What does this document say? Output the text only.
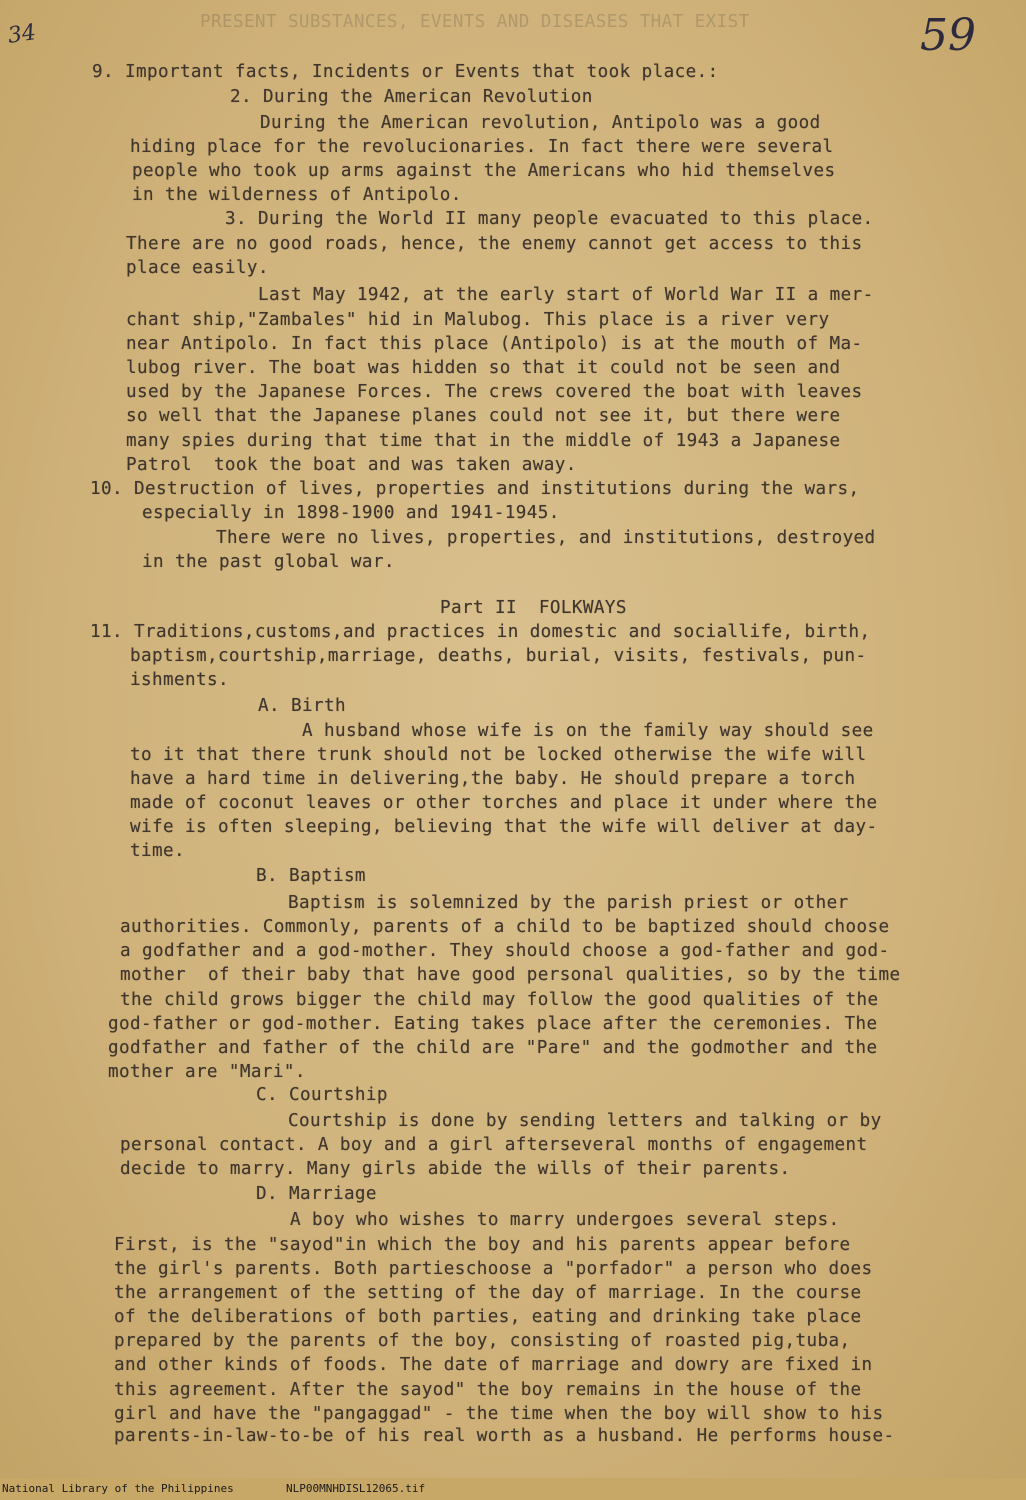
PRESENT SUBSTANCES, EVENTS AND DISEASES THAT EXIST
34	59
9. Important facts, Incidents or Events that took place.:
2. During the American Revolution
During the American revolution, Antipolo was a good
hiding place for the revolucionaries. In fact there were several
people who took up arms against the Americans who hid themselves
in the wilderness of Antipolo.
3. During the World II many people evacuated to this place.
There are no good roads, hence, the enemy cannot get access to this
place easily.
Last May 1942, at the early start of World War II a mer-
chant ship,"Zambales" hid in Malubog. This place is a river very
near Antipolo. In fact this place (Antipolo) is at the mouth of Ma-
lubog river. The boat was hidden so that it could not be seen and
used by the Japanese Forces. The crews covered the boat with leaves
so well that the Japanese planes could not see it, but there were
many spies during that time that in the middle of 1943 a Japanese
Patrol  took the boat and was taken away.
10. Destruction of lives, properties and institutions during the wars,
especially in 1898-1900 and 1941-1945.
There were no lives, properties, and institutions, destroyed
in the past global war.
Part II  FOLKWAYS
11. Traditions,customs,and practices in domestic and sociallife, birth,
baptism,courtship,marriage, deaths, burial, visits, festivals, pun-
ishments.
A. Birth
A husband whose wife is on the family way should see
to it that there trunk should not be locked otherwise the wife will
have a hard time in delivering,the baby. He should prepare a torch
made of coconut leaves or other torches and place it under where the
wife is often sleeping, believing that the wife will deliver at day-
time.
B. Baptism
Baptism is solemnized by the parish priest or other
authorities. Commonly, parents of a child to be baptized should choose
a godfather and a god-mother. They should choose a god-father and god-
mother  of their baby that have good personal qualities, so by the time
the child grows bigger the child may follow the good qualities of the
god-father or god-mother. Eating takes place after the ceremonies. The
godfather and father of the child are "Pare" and the godmother and the
mother are "Mari".
C. Courtship
Courtship is done by sending letters and talking or by
personal contact. A boy and a girl afterseveral months of engagement
decide to marry. Many girls abide the wills of their parents.
D. Marriage
A boy who wishes to marry undergoes several steps.
First, is the "sayod"in which the boy and his parents appear before
the girl's parents. Both partieschoose a "porfador" a person who does
the arrangement of the setting of the day of marriage. In the course
of the deliberations of both parties, eating and drinking take place
prepared by the parents of the boy, consisting of roasted pig,tuba,
and other kinds of foods. The date of marriage and dowry are fixed in
this agreement. After the sayod" the boy remains in the house of the
girl and have the "pangaggad" - the time when the boy will show to his
parents-in-law-to-be of his real worth as a husband. He performs house-
National Library of the Philippines	NLP00MNHDISL12065.tif
